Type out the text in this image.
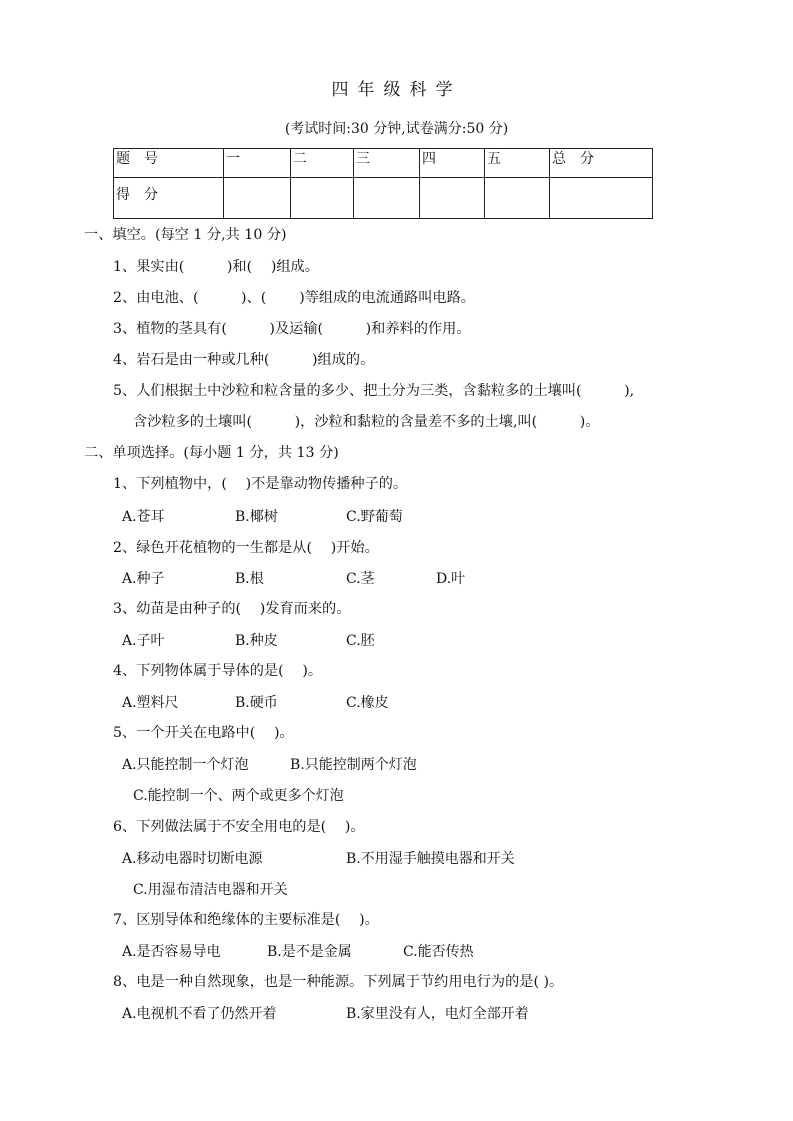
四年级科学
(考试时间:30 分钟,试卷满分:50 分)
题　号	一	二	三	四	五	总　分
得　分						
一、填空。(每空 1 分,共 10 分)
1、果实由(　　　)和(　 )组成。
2、由电池、(　　　)、(　　 )等组成的电流通路叫电路。
3、植物的茎具有(　　　)及运输(　　　)和养料的作用。
4、岩石是由一种或几种(　　　)组成的。
5、人们根据土中沙粒和粒含量的多少、把土分为三类，含黏粒多的土壤叫(　　　),
含沙粒多的土壤叫(　　　)，沙粒和黏粒的含量差不多的土壤,叫(　　　)。
二、单项选择。(每小题 1 分，共 13 分)
1、下列植物中，(　 )不是靠动物传播种子的。
A.苍耳	B.椰树	C.野葡萄
2、绿色开花植物的一生都是从(　 )开始。
A.种子	B.根	C.茎	D.叶
3、幼苗是由种子的(　 )发育而来的。
A.子叶	B.种皮	C.胚
4、下列物体属于导体的是(　 )。
A.塑料尺	B.硬币	C.橡皮
5、一个开关在电路中(　 )。
A.只能控制一个灯泡	B.只能控制两个灯泡
C.能控制一个、两个或更多个灯泡
6、下列做法属于不安全用电的是(　 )。
A.移动电器时切断电源	B.不用湿手触摸电器和开关
C.用湿布清洁电器和开关
7、区别导体和绝缘体的主要标准是(　 )。
A.是否容易导电	B.是不是金属	C.能否传热
8、电是一种自然现象，也是一种能源。下列属于节约用电行为的是( )。
A.电视机不看了仍然开着	B.家里没有人，电灯全部开着
